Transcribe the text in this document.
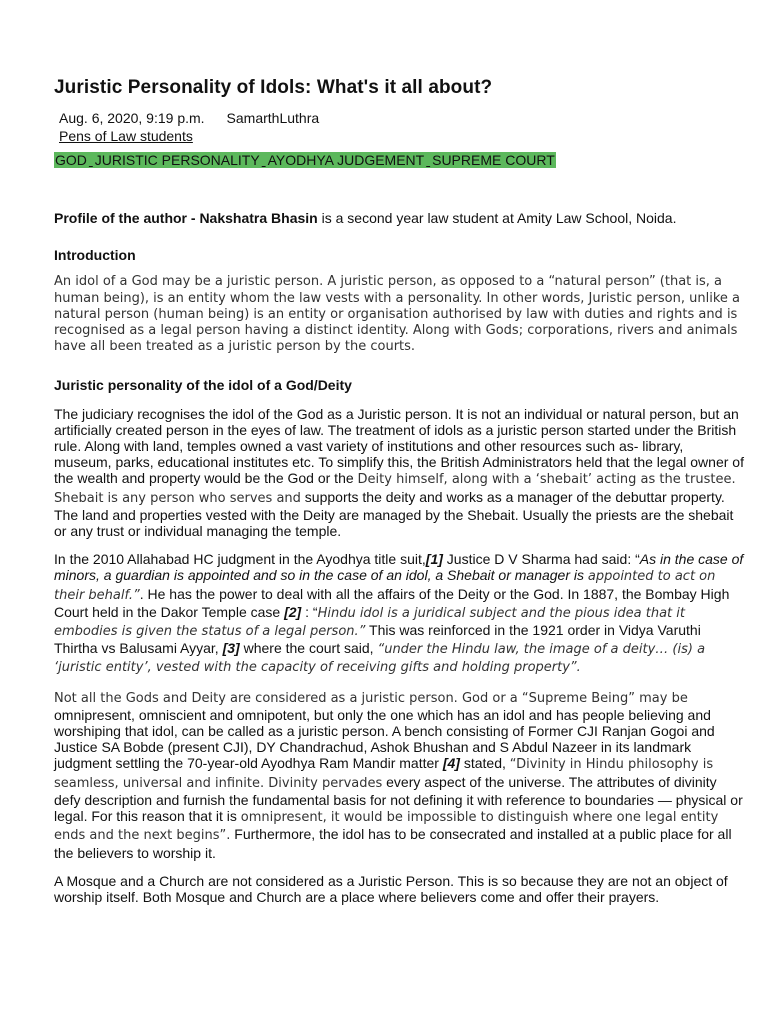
Juristic Personality of Idols: What's it all about?
Aug. 6, 2020, 9:19 p.m. SamarthLuthra
Pens of Law students
GOD JURISTIC PERSONALITY AYODHYA JUDGEMENT SUPREME COURT

Profile of the author - Nakshatra Bhasin is a second year law student at Amity Law School, Noida.

Introduction

An idol of a God may be a juristic person. A juristic person, as opposed to a “natural person” (that is, a human being), is an entity whom the law vests with a personality. In other words, Juristic person, unlike a natural person (human being) is an entity or organisation authorised by law with duties and rights and is recognised as a legal person having a distinct identity. Along with Gods; corporations, rivers and animals have all been treated as a juristic person by the courts.

Juristic personality of the idol of a God/Deity

The judiciary recognises the idol of the God as a Juristic person. It is not an individual or natural person, but an artificially created person in the eyes of law. The treatment of idols as a juristic person started under the British rule. Along with land, temples owned a vast variety of institutions and other resources such as- library, museum, parks, educational institutes etc. To simplify this, the British Administrators held that the legal owner of the wealth and property would be the God or the Deity himself, along with a ‘shebait’ acting as the trustee. Shebait is any person who serves and supports the deity and works as a manager of the debuttar property. The land and properties vested with the Deity are managed by the Shebait. Usually the priests are the shebait or any trust or individual managing the temple.

In the 2010 Allahabad HC judgment in the Ayodhya title suit,[1] Justice D V Sharma had said: “As in the case of minors, a guardian is appointed and so in the case of an idol, a Shebait or manager is appointed to act on their behalf.”. He has the power to deal with all the affairs of the Deity or the God. In 1887, the Bombay High Court held in the Dakor Temple case [2] : “Hindu idol is a juridical subject and the pious idea that it embodies is given the status of a legal person.” This was reinforced in the 1921 order in Vidya Varuthi Thirtha vs Balusami Ayyar, [3] where the court said, “under the Hindu law, the image of a deity… (is) a ‘juristic entity’, vested with the capacity of receiving gifts and holding property”.

Not all the Gods and Deity are considered as a juristic person. God or a “Supreme Being” may be omnipresent, omniscient and omnipotent, but only the one which has an idol and has people believing and worshiping that idol, can be called as a juristic person. A bench consisting of Former CJI Ranjan Gogoi and Justice SA Bobde (present CJI), DY Chandrachud, Ashok Bhushan and S Abdul Nazeer in its landmark judgment settling the 70-year-old Ayodhya Ram Mandir matter [4] stated, “Divinity in Hindu philosophy is seamless, universal and infinite. Divinity pervades every aspect of the universe. The attributes of divinity defy description and furnish the fundamental basis for not defining it with reference to boundaries — physical or legal. For this reason that it is omnipresent, it would be impossible to distinguish where one legal entity ends and the next begins”. Furthermore, the idol has to be consecrated and installed at a public place for all the believers to worship it.

A Mosque and a Church are not considered as a Juristic Person. This is so because they are not an object of worship itself. Both Mosque and Church are a place where believers come and offer their prayers.
